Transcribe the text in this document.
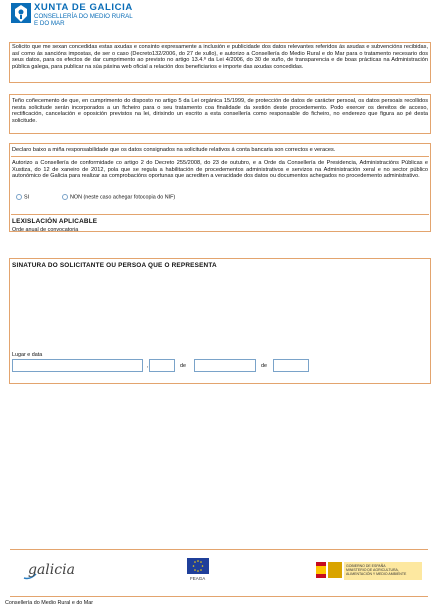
XUNTA DE GALICIA
CONSELLERÍA DO MEDIO RURAL
E DO MAR
Solicito que me sexan concedidas estas axudas e consinto expresamente a inclusión e publicidade dos datos relevantes referidos ás axudas e subvencións recibidas, así como ás sancións impostas, de ser o caso (Decreto132/2006, do 27 de xullo), e autorizo a Consellería do Medio Rural e do Mar para o tratamento necesario dos seus datos, para os efectos de dar cumprimento ao previsto no artigo 13.4.º da Lei 4/2006, do 30 de xuño, de transparencia e de boas prácticas na Administración pública galega, para publicar na súa páxina web oficial a relación dos beneficiarios e importe das axudas concedidas.
Teño coñecemento de que, en cumprimento do disposto no artigo 5 da Lei orgánica 15/1999, de protección de datos de carácter persoal, os datos persoais recollidos nesta solicitude serán incorporados a un ficheiro para o seu tratamento coa finalidade da xestión deste procedemento. Podo exercer os dereitos de acceso, rectificación, cancelación e oposición previstos na lei, dirixindo un escrito a esta consellería como responsable do ficheiro, no enderezo que figura ao pé desta solicitude.
Declaro baixo a miña responsabilidade que os datos consignados na solicitude relativos á conta bancaria son correctos e veraces.
Autorizo a Consellería de conformidade co artigo 2 do Decreto 255/2008, do 23 de outubro, e a Orde da Consellería de Presidencia, Administracións Públicas e Xustiza, do 12 de xaneiro de 2012, pola que se regula a habilitación de procedementos administrativos e servizos na Administración xeral e no sector público autonómico de Galicia para realizar as comprobacións oportunas que acrediten a veracidade dos datos ou documentos achegados no procedemento administrativo.
SI	NON (neste caso achegar fotocopia do NIF)
LEXISLACIÓN APLICABLE
Orde anual de convocatoria
SINATURA DO SOLICITANTE OU PERSOA QUE O REPRESENTA
Lugar e data
,	de	de
galicia
FEAGA
GOBIERNO DE ESPAÑA
MINISTERIO DE AGRICULTURA, ALIMENTACIÓN Y MEDIO AMBIENTE
Consellería do Medio Rural e do Mar
